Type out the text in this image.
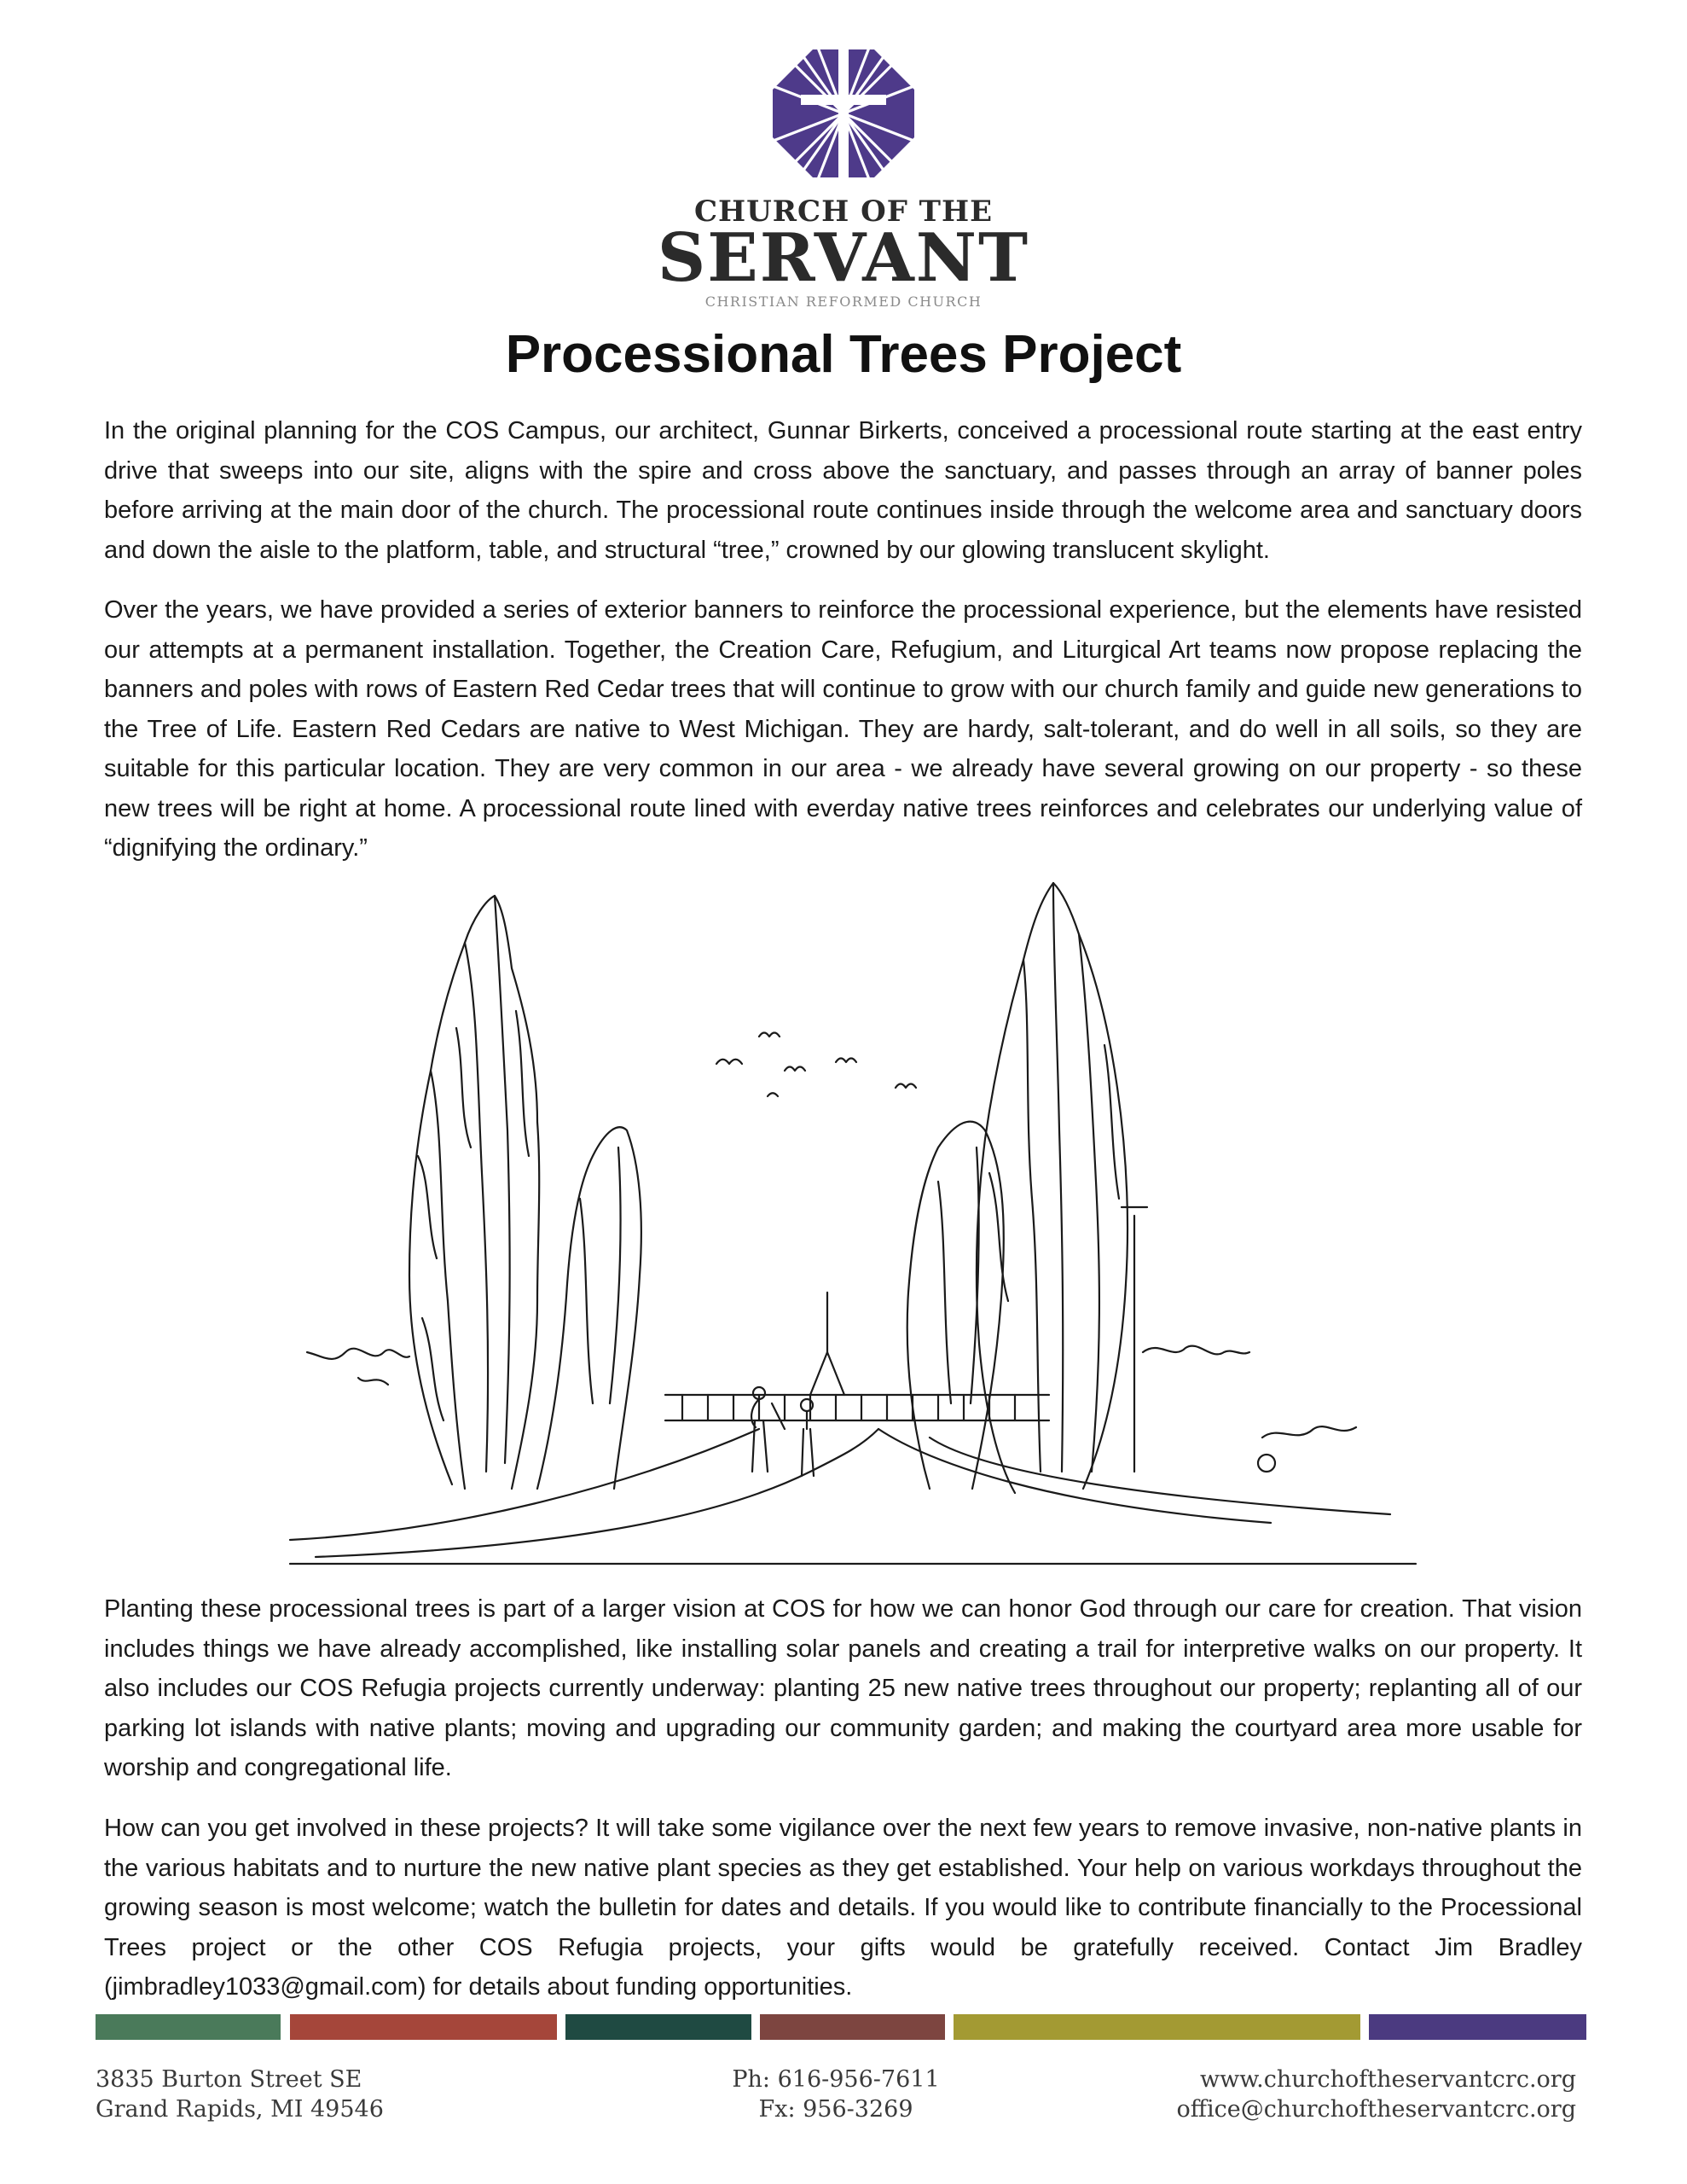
CHURCH OF THE
SERVANT
CHRISTIAN REFORMED CHURCH
Processional Trees Project

In the original planning for the COS Campus, our architect, Gunnar Birkerts, conceived a processional route starting at the east entry drive that sweeps into our site, aligns with the spire and cross above the sanctuary, and passes through an array of banner poles before arriving at the main door of the church. The processional route continues inside through the welcome area and sanctuary doors and down the aisle to the platform, table, and structural “tree,” crowned by our glowing translucent skylight.

Over the years, we have provided a series of exterior banners to reinforce the processional experience, but the elements have resisted our attempts at a permanent installation. Together, the Creation Care, Refugium, and Liturgical Art teams now propose replacing the banners and poles with rows of Eastern Red Cedar trees that will continue to grow with our church family and guide new generations to the Tree of Life. Eastern Red Cedars are native to West Michigan. They are hardy, salt-tolerant, and do well in all soils, so they are suitable for this particular location. They are very common in our area - we already have several growing on our property - so these new trees will be right at home. A processional route lined with everday native trees reinforces and celebrates our underlying value of “dignifying the ordinary.”

Planting these processional trees is part of a larger vision at COS for how we can honor God through our care for creation. That vision includes things we have already accomplished, like installing solar panels and creating a trail for interpretive walks on our property. It also includes our COS Refugia projects currently underway: planting 25 new native trees throughout our property; replanting all of our parking lot islands with native plants; moving and upgrading our community garden; and making the courtyard area more usable for worship and congregational life.

How can you get involved in these projects? It will take some vigilance over the next few years to remove invasive, non-native plants in the various habitats and to nurture the new native plant species as they get established. Your help on various workdays throughout the growing season is most welcome; watch the bulletin for dates and details. If you would like to contribute financially to the Processional Trees project or the other COS Refugia projects, your gifts would be gratefully received. Contact Jim Bradley (jimbradley1033@gmail.com) for details about funding opportunities.

3835 Burton Street SE
Grand Rapids, MI 49546
Ph: 616-956-7611
Fx: 956-3269
www.churchoftheservantcrc.org
office@churchoftheservantcrc.org
